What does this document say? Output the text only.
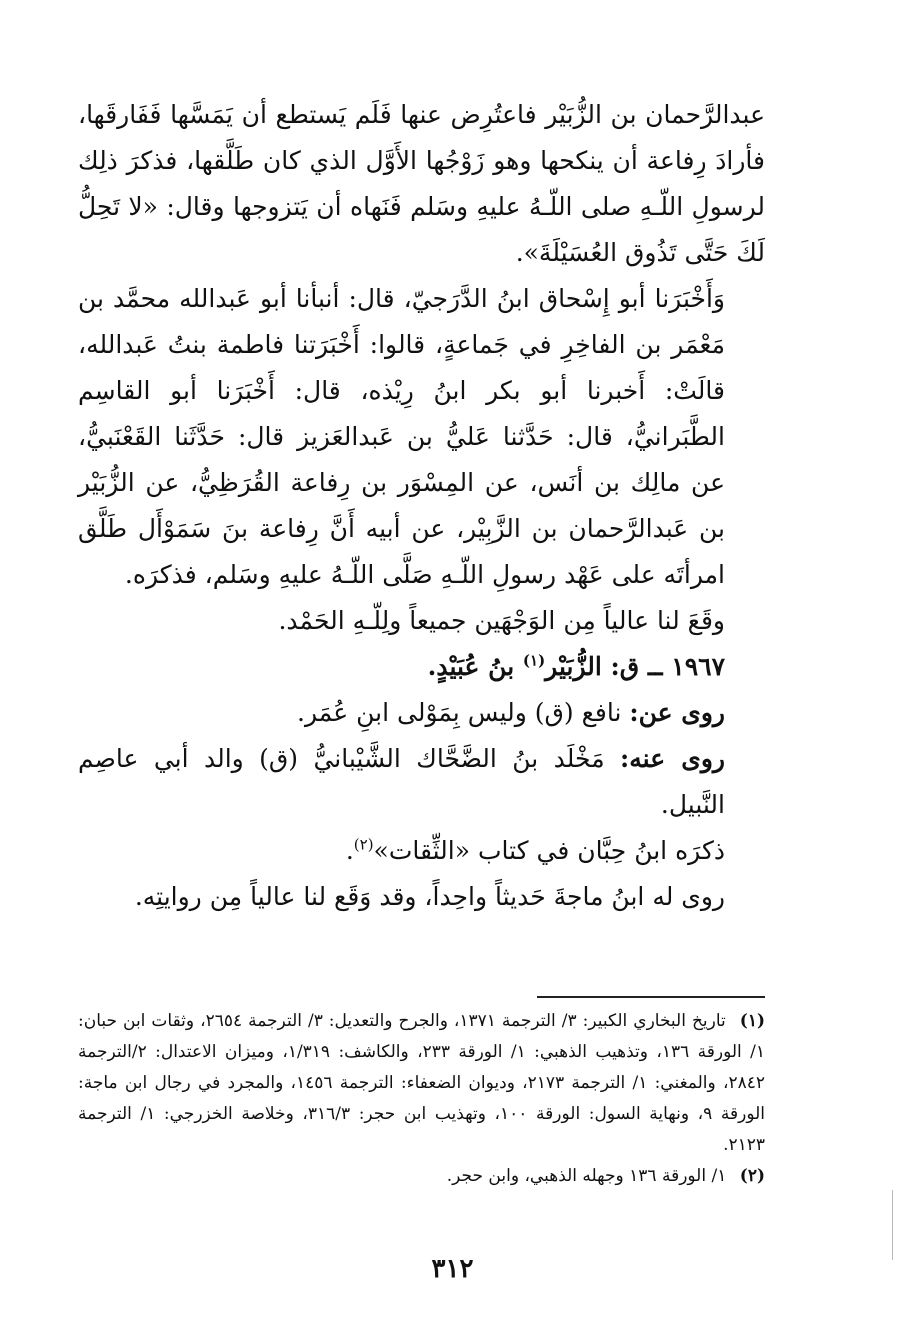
عبدالرَّحمان بن الزُّبَيْر فاعتُرِض عنها فَلَم يَستطع أن يَمَسَّها فَفَارقَها، فأرادَ رِفاعة أن ينكحها وهو زَوْجُها الأَوَّل الذي كان طَلَّقها، فذكرَ ذلِك لرسولِ اللّـهِ صلى اللّـهُ عليهِ وسَلم فَنَهاه أن يَتزوجها وقال: «لا تَحِلُّ لَكَ حَتَّى تَذُوق العُسَيْلَةَ».

وَأَخْبَرَنا أبو إِسْحاق ابنُ الدَّرَجيّ، قال: أنبأنا أبو عَبدالله محمَّد بن مَعْمَر بن الفاخِرِ في جَماعةٍ، قالوا: أَخْبَرَتنا فاطمة بنتُ عَبدالله، قالَتْ: أَخبرنا أبو بكر ابنُ رِيْذه، قال: أَخْبَرَنا أبو القاسِم الطَّبَرانيُّ، قال: حَدَّثنا عَليُّ بن عَبدالعَزيز قال: حَدَّثَنا القَعْنَبيُّ، عن مالِك بن أنَس، عن المِسْوَر بن رِفاعة القُرَظِيُّ، عن الزُّبَيْر بن عَبدالرَّحمان بن الزَّبِيْر، عن أبيه أَنَّ رِفاعة بنَ سَمَوْأَل طَلَّق امرأتَه على عَهْد رسولِ اللّـهِ صَلَّى اللّـهُ عليهِ وسَلم، فذكرَه.

وقَعَ لنا عالياً مِن الوَجْهَين جميعاً ولِلّـهِ الحَمْد.

١٩٦٧ ــ ق: الزُّبَيْر$^{(١)}$ بنُ عُبَيْدٍ.

روى عن: نافع (ق) وليس بِمَوْلى ابنِ عُمَر.

روى عنه: مَخْلَد بنُ الضَّحَّاك الشَّيْبانيُّ (ق) والد أبي عاصِم النَّبيل.

ذكرَه ابنُ حِبَّان في كتاب «الثِّقات»$^{(٢)}$.

روى له ابنُ ماجةَ حَديثاً واحِداً، وقد وَقَع لنا عالياً مِن روايتِه.

(١) تاريخ البخاري الكبير: ٣/ الترجمة ١٣٧١، والجرح والتعديل: ٣/ الترجمة ٢٦٥٤، وثقات ابن حبان: ١/ الورقة ١٣٦، وتذهيب الذهبي: ١/ الورقة ٢٣٣، والكاشف: ١/٣١٩، وميزان الاعتدال: ٢/الترجمة ٢٨٤٢، والمغني: ١/ الترجمة ٢١٧٣، وديوان الضعفاء: الترجمة ١٤٥٦، والمجرد في رجال ابن ماجة: الورقة ٩، ونهاية السول: الورقة ١٠٠، وتهذيب ابن حجر: ٣١٦/٣، وخلاصة الخزرجي: ١/ الترجمة ٢١٢٣.

(٢) ١/ الورقة ١٣٦ وجهله الذهبي، وابن حجر.

٣١٢
